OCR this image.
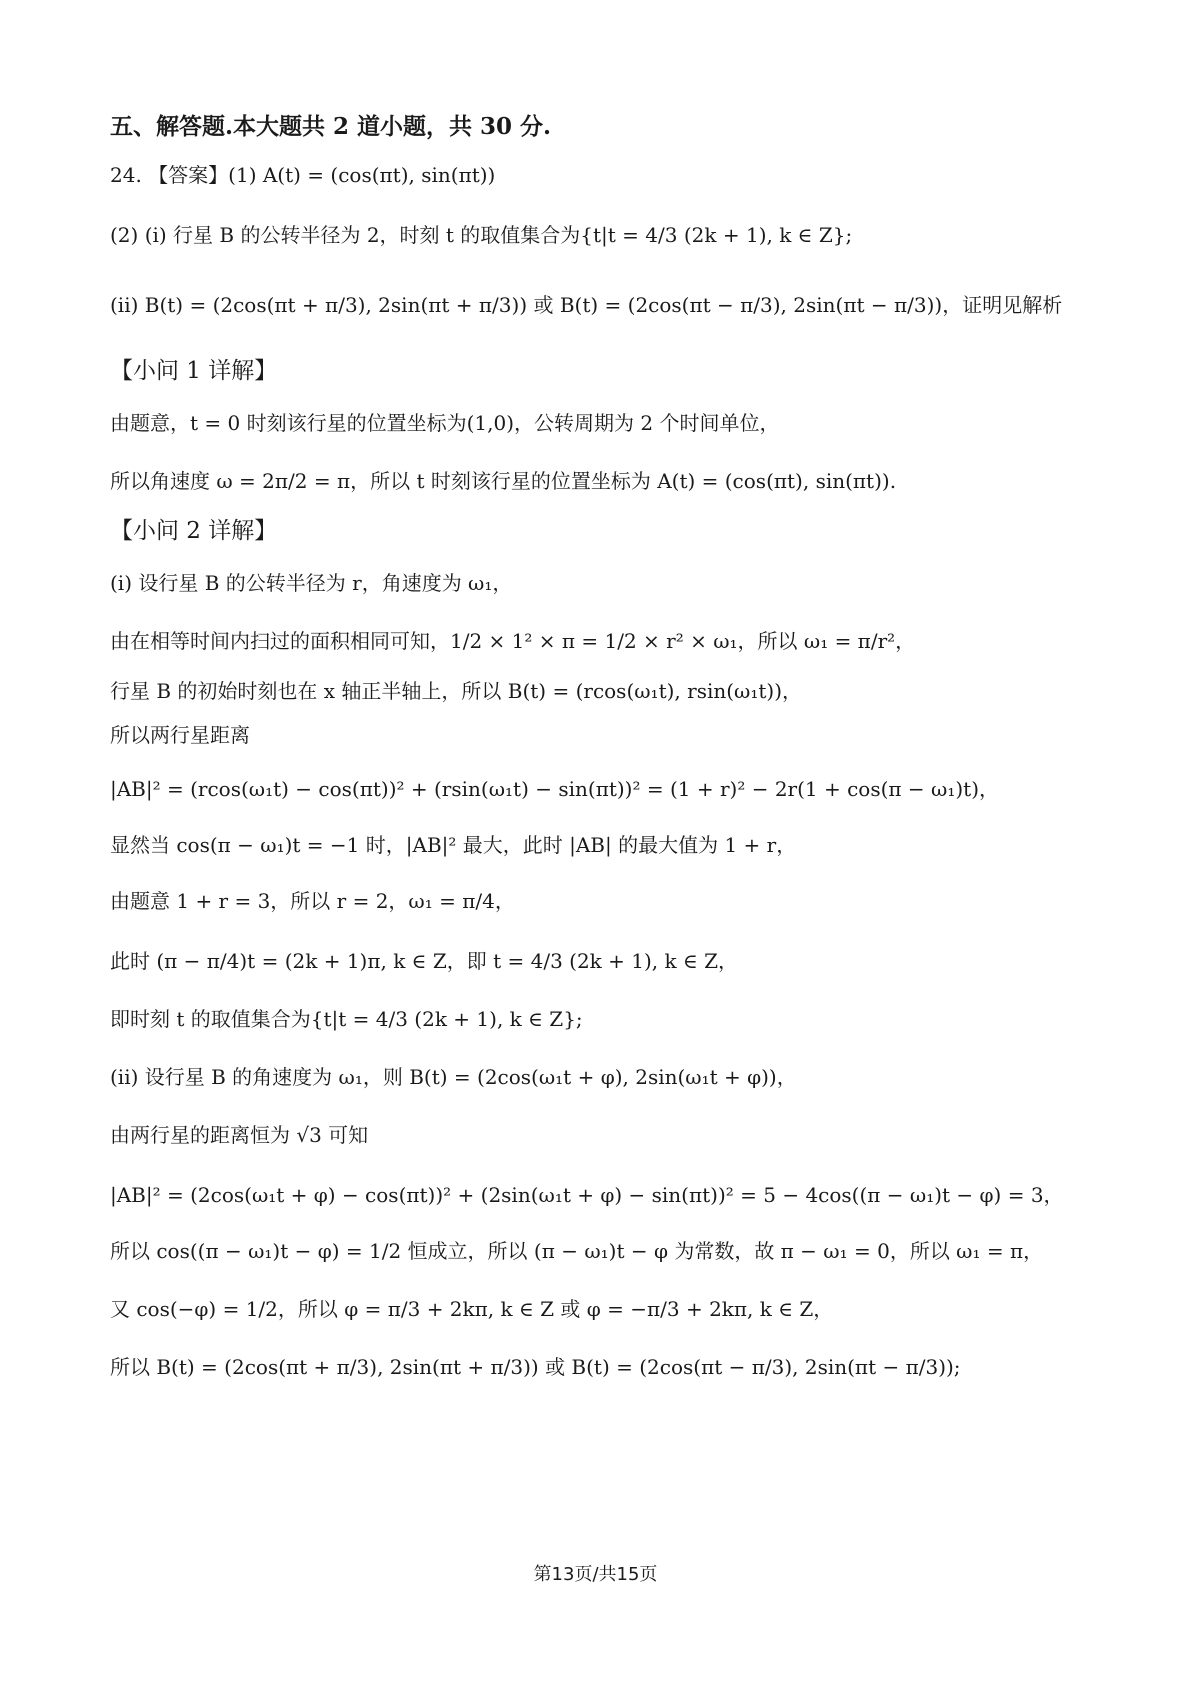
五、解答题.本大题共 2 道小题，共 30 分.
24. 【答案】(1) A(t) = (cos(πt), sin(πt))
(2) (i) 行星 B 的公转半径为 2，时刻 t 的取值集合为{t|t = 4/3 (2k + 1), k ∈ Z};
(ii) B(t) = (2cos(πt + π/3), 2sin(πt + π/3)) 或 B(t) = (2cos(πt − π/3), 2sin(πt − π/3))，证明见解析
【小问 1 详解】
由题意，t = 0 时刻该行星的位置坐标为(1,0)，公转周期为 2 个时间单位，
所以角速度 ω = 2π/2 = π，所以 t 时刻该行星的位置坐标为 A(t) = (cos(πt), sin(πt)).
【小问 2 详解】
(i) 设行星 B 的公转半径为 r，角速度为 ω₁，
由在相等时间内扫过的面积相同可知，1/2 × 1² × π = 1/2 × r² × ω₁，所以 ω₁ = π/r²，
行星 B 的初始时刻也在 x 轴正半轴上，所以 B(t) = (rcos(ω₁t), rsin(ω₁t))，
所以两行星距离
|AB|² = (rcos(ω₁t) − cos(πt))² + (rsin(ω₁t) − sin(πt))² = (1 + r)² − 2r(1 + cos(π − ω₁)t)，
显然当 cos(π − ω₁)t = −1 时，|AB|² 最大，此时 |AB| 的最大值为 1 + r，
由题意 1 + r = 3，所以 r = 2，ω₁ = π/4，
此时 (π − π/4)t = (2k + 1)π, k ∈ Z，即 t = 4/3 (2k + 1), k ∈ Z，
即时刻 t 的取值集合为{t|t = 4/3 (2k + 1), k ∈ Z};
(ii) 设行星 B 的角速度为 ω₁，则 B(t) = (2cos(ω₁t + φ), 2sin(ω₁t + φ))，
由两行星的距离恒为 √3 可知
|AB|² = (2cos(ω₁t + φ) − cos(πt))² + (2sin(ω₁t + φ) − sin(πt))² = 5 − 4cos((π − ω₁)t − φ) = 3，
所以 cos((π − ω₁)t − φ) = 1/2 恒成立，所以 (π − ω₁)t − φ 为常数，故 π − ω₁ = 0，所以 ω₁ = π，
又 cos(−φ) = 1/2，所以 φ = π/3 + 2kπ, k ∈ Z 或 φ = −π/3 + 2kπ, k ∈ Z，
所以 B(t) = (2cos(πt + π/3), 2sin(πt + π/3)) 或 B(t) = (2cos(πt − π/3), 2sin(πt − π/3));
第13页/共15页
